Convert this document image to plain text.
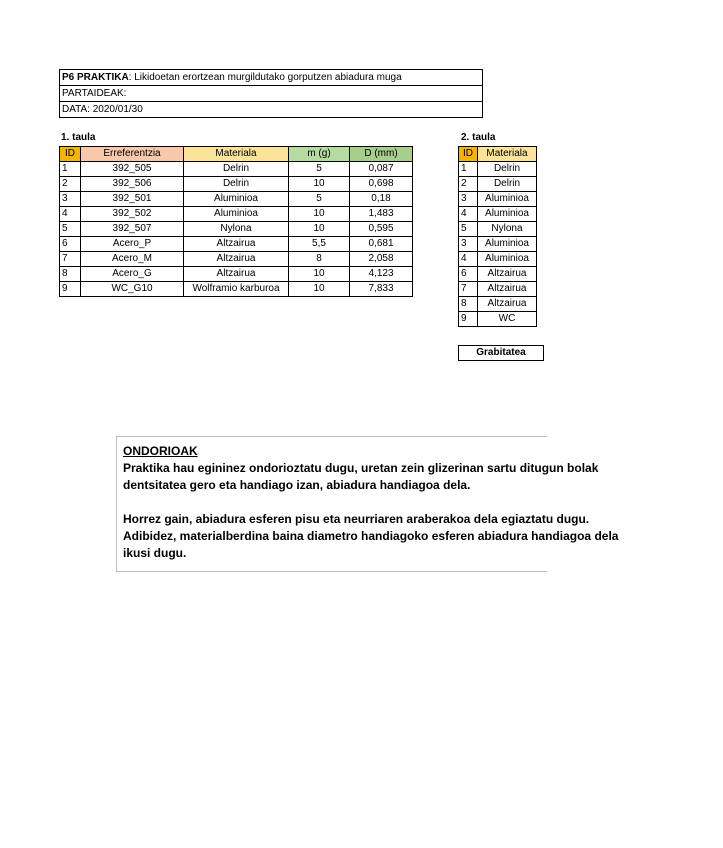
P6 PRAKTIKA: Likidoetan erortzean murgildutako gorputzen abiadura muga
PARTAIDEAK:
DATA: 2020/01/30
1. taula
ID	Erreferentzia	Materiala	m (g)	D (mm)
1	392_505	Delrin	5	0,087
2	392_506	Delrin	10	0,698
3	392_501	Aluminioa	5	0,18
4	392_502	Aluminioa	10	1,483
5	392_507	Nylona	10	0,595
6	Acero_P	Altzairua	5,5	0,681
7	Acero_M	Altzairua	8	2,058
8	Acero_G	Altzairua	10	4,123
9	WC_G10	Wolframio karburoa	10	7,833
2. taula
ID	Materiala
1	Delrin
2	Delrin
3	Aluminioa
4	Aluminioa
5	Nylona
3	Aluminioa
4	Aluminioa
6	Altzairua
7	Altzairua
8	Altzairua
9	WC
Grabitatea

ONDORIOAK

Praktika hau egininez ondorioztatu dugu, uretan zein glizerinan sartu ditugun bolak

dentsitatea gero eta handiago izan, abiadura handiagoa dela.

Horrez gain, abiadura esferen pisu eta neurriaren araberakoa dela egiaztatu dugu.

Adibidez, materialberdina baina diametro handiagoko esferen abiadura handiagoa dela

ikusi dugu.
